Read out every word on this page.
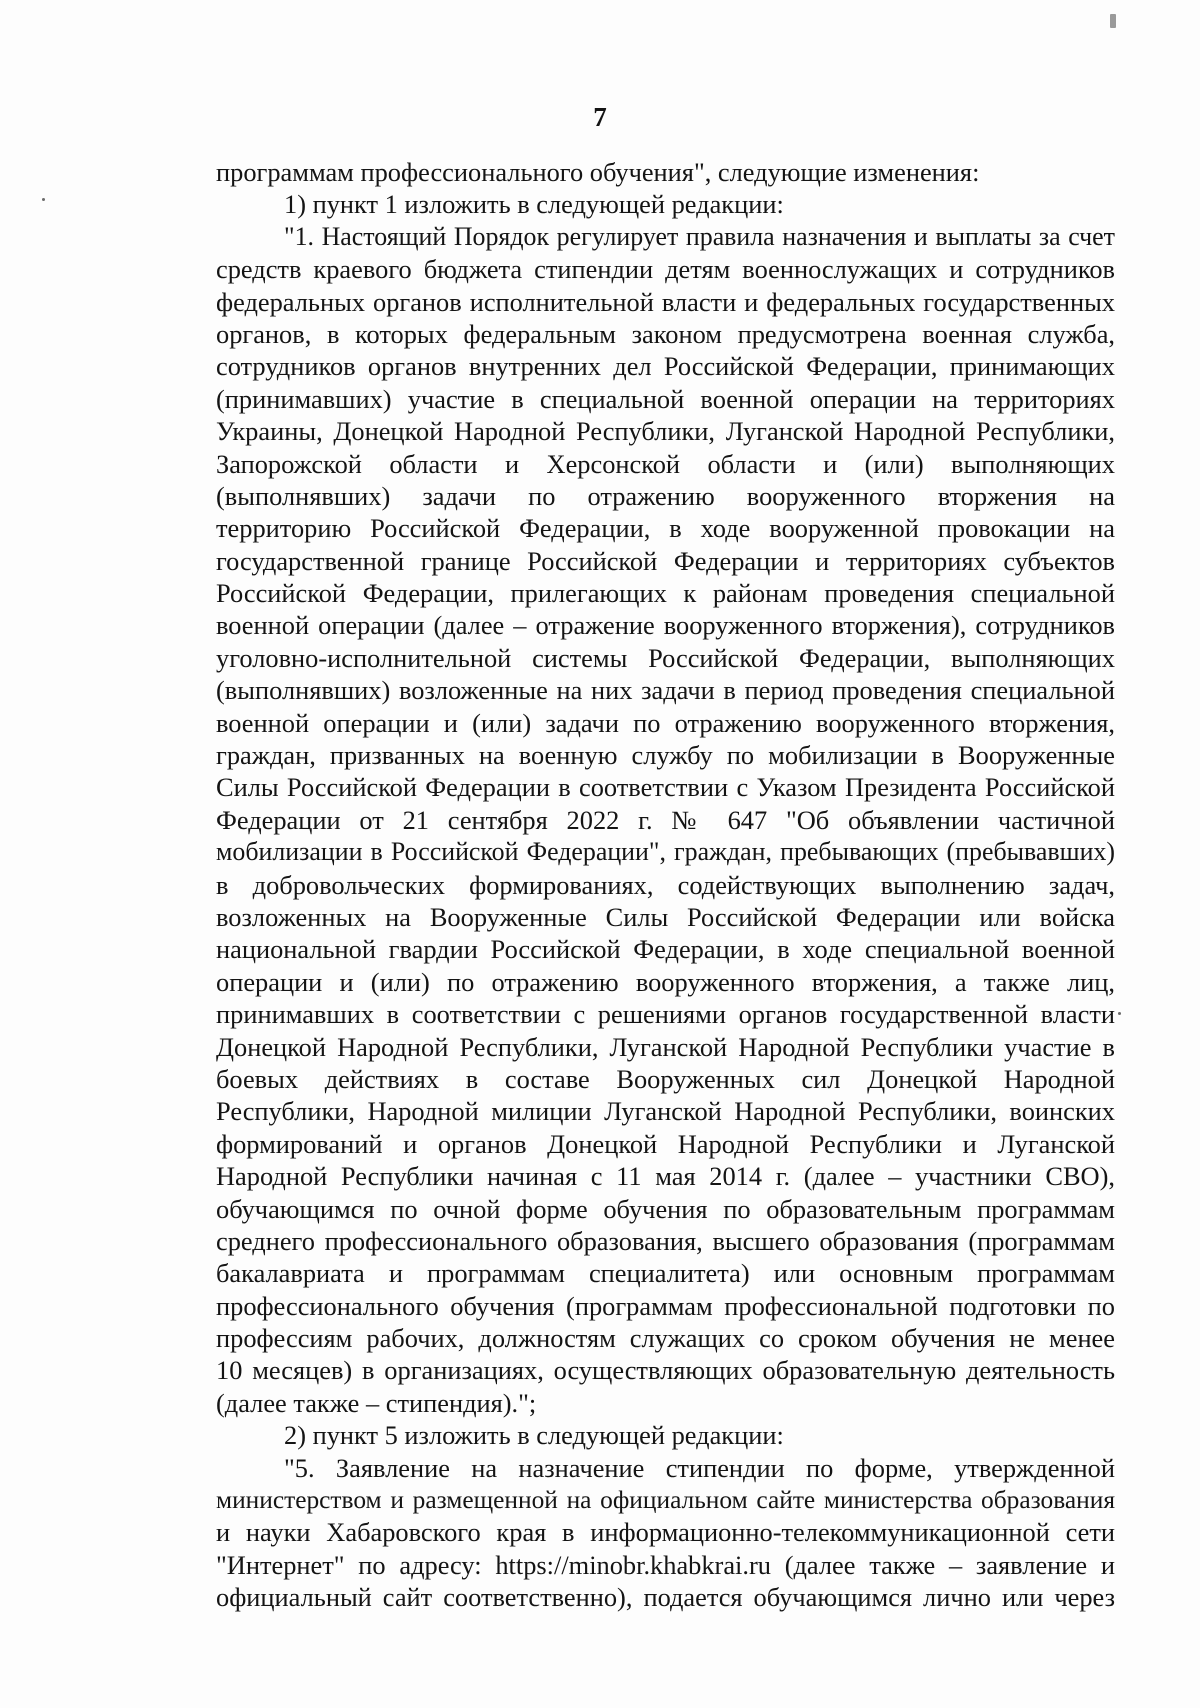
7
программам профессионального обучения", следующие изменения:
1) пункт 1 изложить в следующей редакции:
"1. Настоящий Порядок регулирует правила назначения и выплаты за счет
средств краевого бюджета стипендии детям военнослужащих и сотрудников
федеральных органов исполнительной власти и федеральных государственных
органов, в которых федеральным законом предусмотрена военная служба,
сотрудников органов внутренних дел Российской Федерации, принимающих
(принимавших) участие в специальной военной операции на территориях
Украины, Донецкой Народной Республики, Луганской Народной Республики,
Запорожской области и Херсонской области и (или) выполняющих
(выполнявших) задачи по отражению вооруженного вторжения на
территорию Российской Федерации, в ходе вооруженной провокации на
государственной границе Российской Федерации и территориях субъектов
Российской Федерации, прилегающих к районам проведения специальной
военной операции (далее – отражение вооруженного вторжения), сотрудников
уголовно-исполнительной системы Российской Федерации, выполняющих
(выполнявших) возложенные на них задачи в период проведения специальной
военной операции и (или) задачи по отражению вооруженного вторжения,
граждан, призванных на военную службу по мобилизации в Вооруженные
Силы Российской Федерации в соответствии с Указом Президента Российской
Федерации от 21 сентября 2022 г. № 647 "Об объявлении частичной
мобилизации в Российской Федерации", граждан, пребывающих (пребывавших)
в добровольческих формированиях, содействующих выполнению задач,
возложенных на Вооруженные Силы Российской Федерации или войска
национальной гвардии Российской Федерации, в ходе специальной военной
операции и (или) по отражению вооруженного вторжения, а также лиц,
принимавших в соответствии с решениями органов государственной власти
Донецкой Народной Республики, Луганской Народной Республики участие в
боевых действиях в составе Вооруженных сил Донецкой Народной
Республики, Народной милиции Луганской Народной Республики, воинских
формирований и органов Донецкой Народной Республики и Луганской
Народной Республики начиная с 11 мая 2014 г. (далее – участники СВО),
обучающимся по очной форме обучения по образовательным программам
среднего профессионального образования, высшего образования (программам
бакалавриата и программам специалитета) или основным программам
профессионального обучения (программам профессиональной подготовки по
профессиям рабочих, должностям служащих со сроком обучения не менее
10 месяцев) в организациях, осуществляющих образовательную деятельность
(далее также – стипендия).";
2) пункт 5 изложить в следующей редакции:
"5. Заявление на назначение стипендии по форме, утвержденной
министерством и размещенной на официальном сайте министерства образования
и науки Хабаровского края в информационно-телекоммуникационной сети
"Интернет" по адресу: https://minobr.khabkrai.ru (далее также – заявление и
официальный сайт соответственно), подается обучающимся лично или через
